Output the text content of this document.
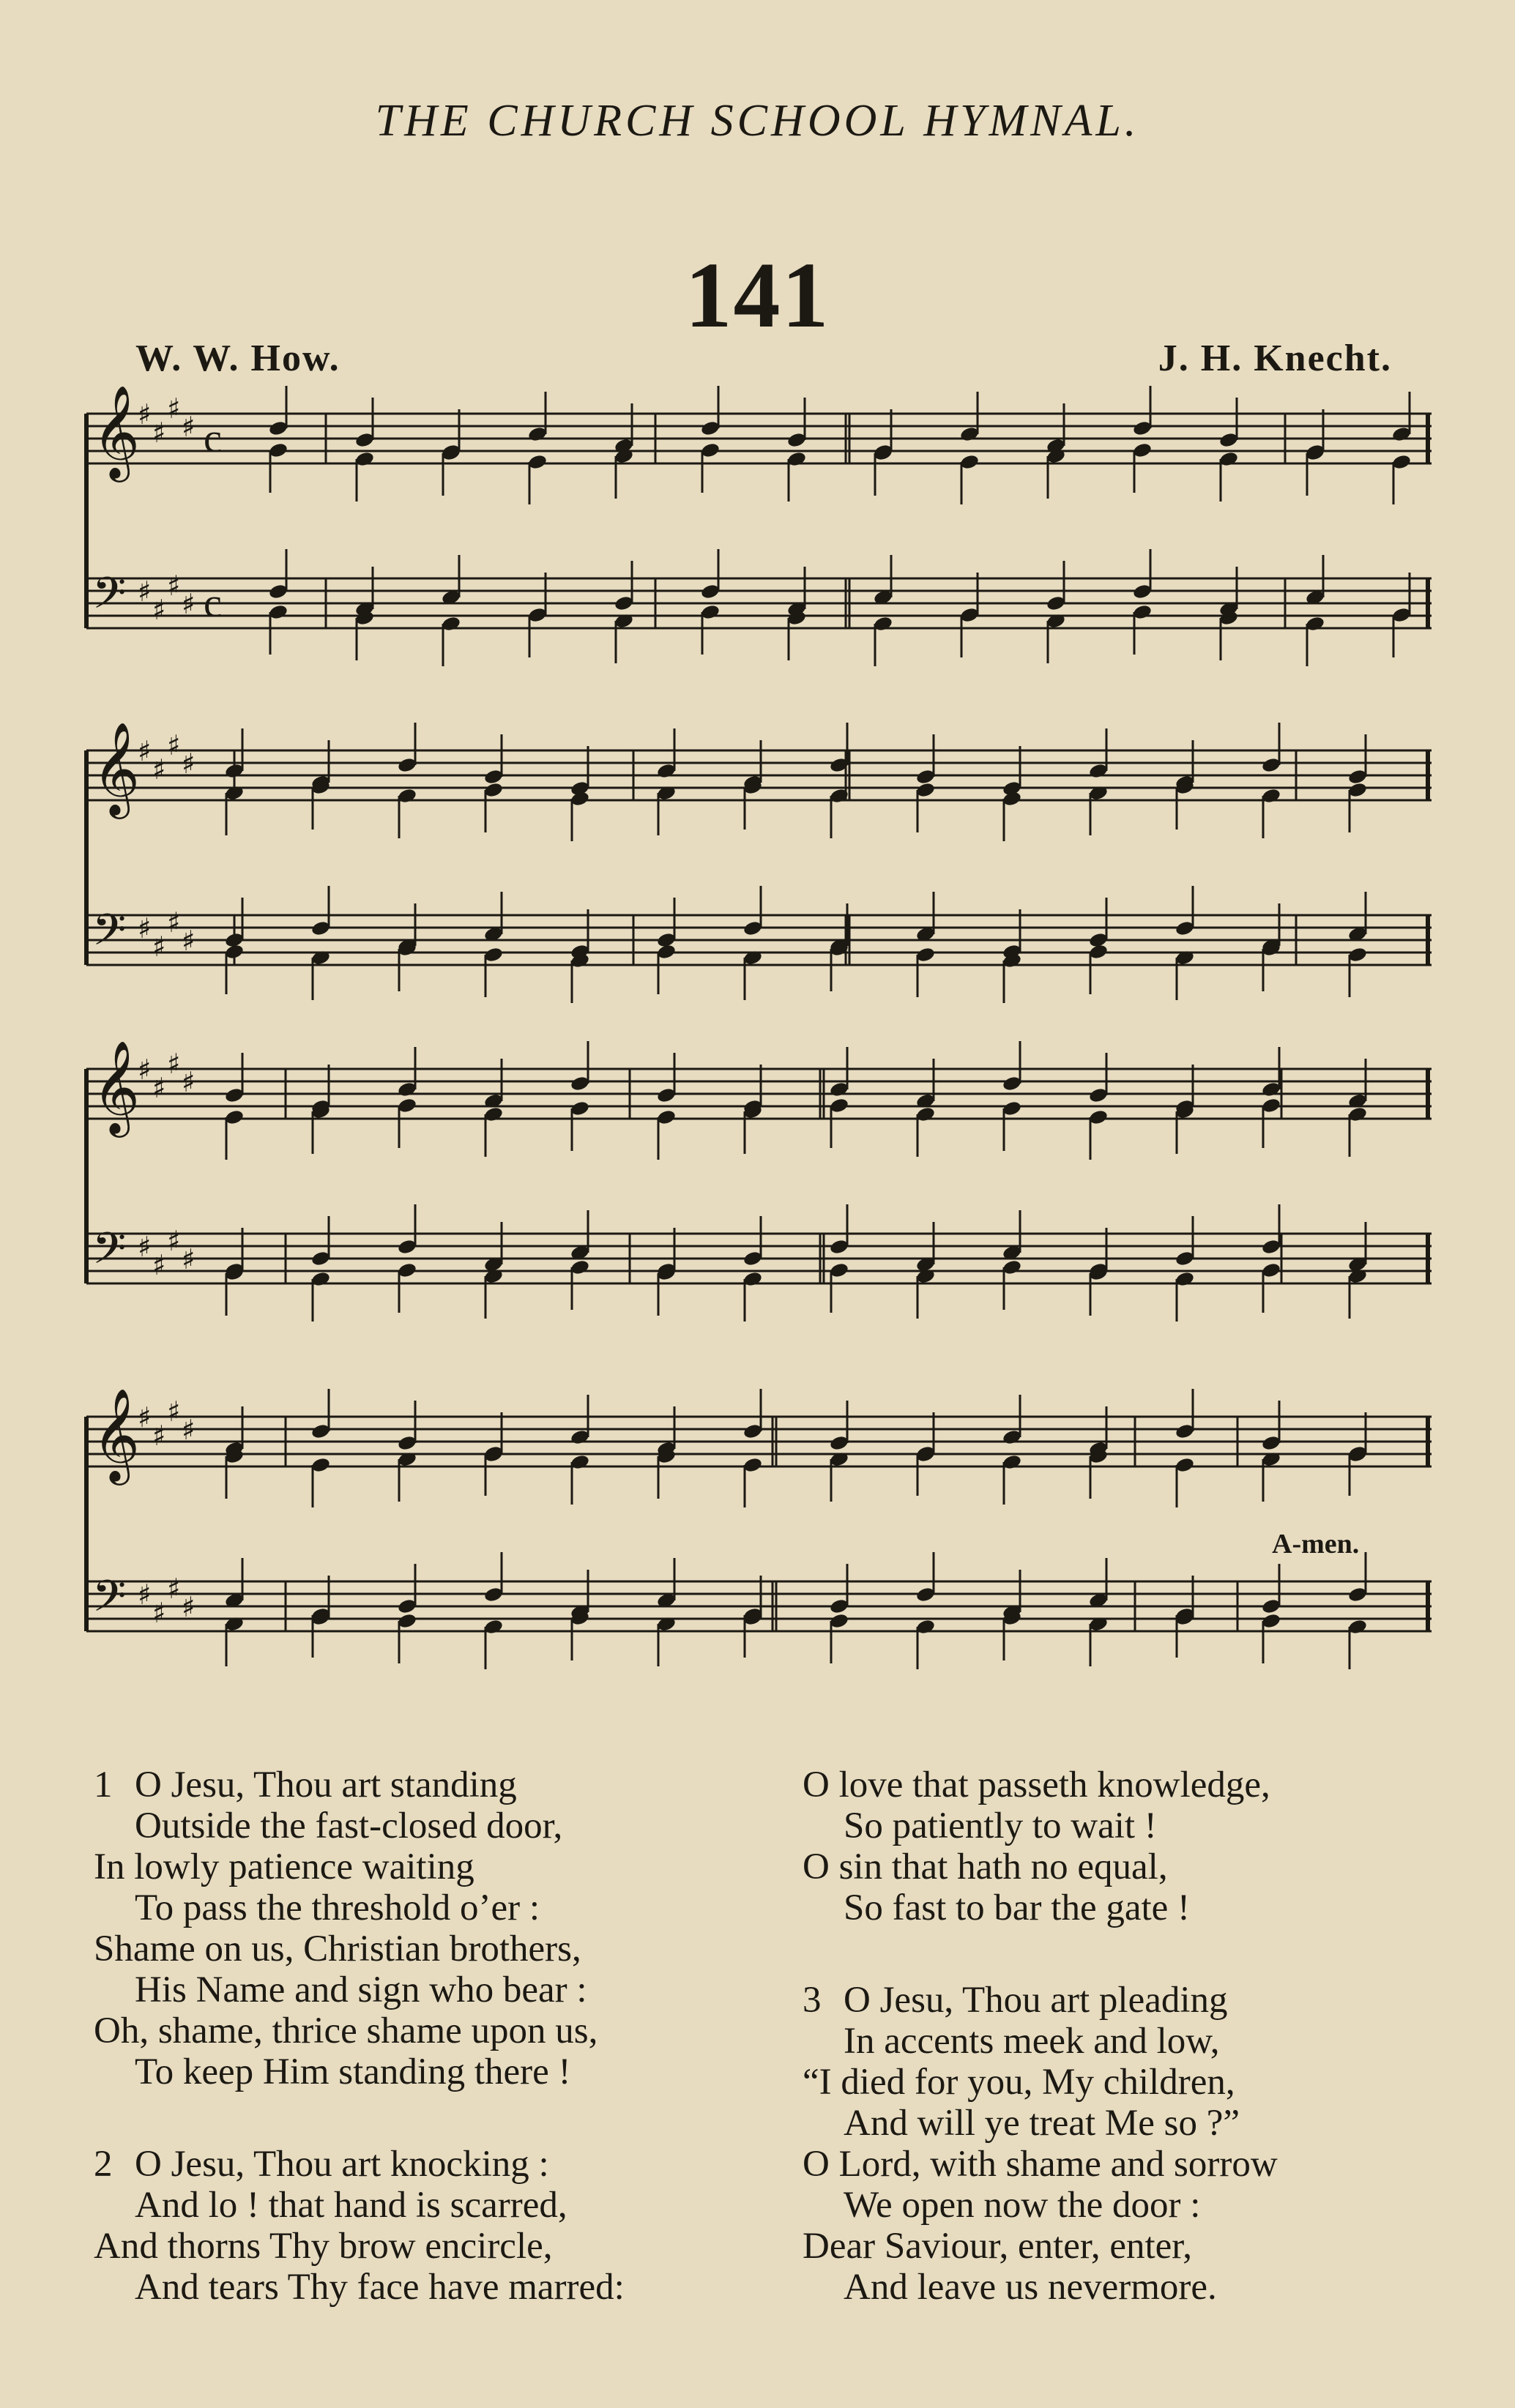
THE CHURCH SCHOOL HYMNAL.
141
W. W. How.	J. H. Knecht.
𝄞
♯
♯
♯
♯ c
𝄢 ♯
♯
♯
♯ c
𝄞
♯
♯
♯
♯
𝄢 ♯
♯
♯
♯
𝄞
♯
♯
♯
♯
𝄢 ♯
♯
♯
♯
𝄞
♯
♯
♯
♯
𝄢 ♯
♯
♯
♯
A-men.
1 O Jesu, Thou art standing
Outside the fast-closed door,
In lowly patience waiting
To pass the threshold o’er :
Shame on us, Christian brothers,
His Name and sign who bear :
Oh, shame, thrice shame upon us,
To keep Him standing there !
2 O Jesu, Thou art knocking :
And lo ! that hand is scarred,
And thorns Thy brow encircle,
And tears Thy face have marred:
O love that passeth knowledge,
So patiently to wait !
O sin that hath no equal,
So fast to bar the gate !
3 O Jesu, Thou art pleading
In accents meek and low,
“I died for you, My children,
And will ye treat Me so ?”
O Lord, with shame and sorrow
We open now the door :
Dear Saviour, enter, enter,
And leave us nevermore.
